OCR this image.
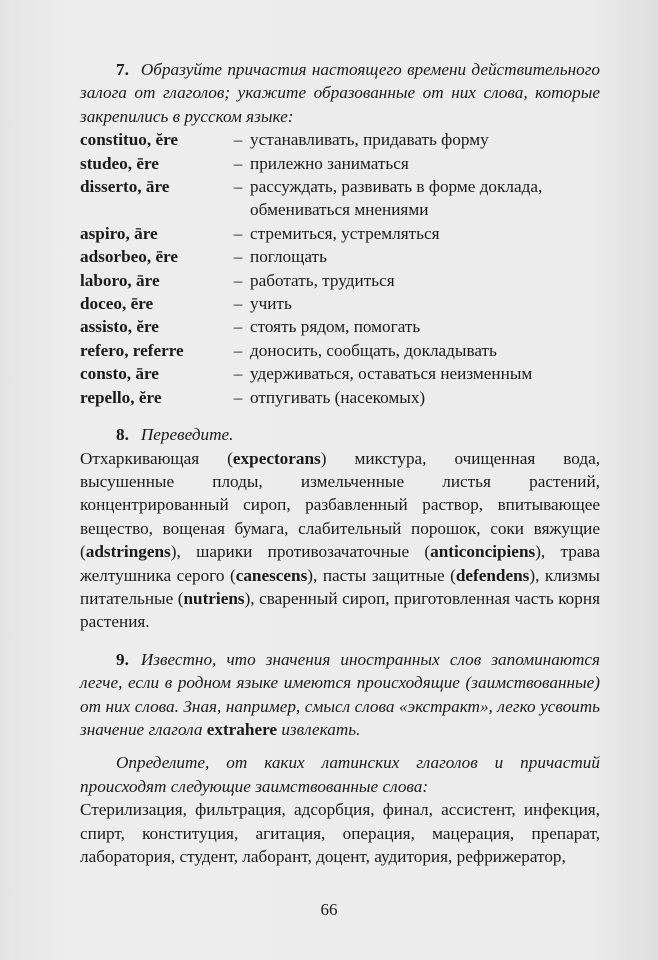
7. Образуйте причастия настоящего времени действительного залога от глаголов; укажите образованные от них слова, которые закрепились в русском языке:

constituo, ĕre	– устанавливать, придавать форму
studeo, ēre	– прилежно заниматься
disserto, āre	– рассуждать, развивать в форме доклада, обмениваться мнениями
aspiro, āre	– стремиться, устремляться
adsorbeo, ēre	– поглощать
laboro, āre	– работать, трудиться
doceo, ēre	– учить
assisto, ĕre	– стоять рядом, помогать
refero, referre	– доносить, сообщать, докладывать
consto, āre	– удерживаться, оставаться неизменным
repello, ĕre	– отпугивать (насекомых)

8. Переведите.

Отхаркивающая (expectorans) микстура, очищенная вода, высушенные плоды, измельченные листья растений, концентрированный сироп, разбавленный раствор, впитывающее вещество, вощеная бумага, слабительный порошок, соки вяжущие (adstringens), шарики противозачаточные (anticoncipiens), трава желтушника серого (canescens), пасты защитные (defendens), клизмы питательные (nutriens), сваренный сироп, приготовленная часть корня растения.

9. Известно, что значения иностранных слов запоминаются легче, если в родном языке имеются происходящие (заимствованные) от них слова. Зная, например, смысл слова «экстракт», легко усвоить значение глагола extrahere извлекать.

Определите, от каких латинских глаголов и причастий происходят следующие заимствованные слова:

Стерилизация, фильтрация, адсорбция, финал, ассистент, инфекция, спирт, конституция, агитация, операция, мацерация, препарат, лаборатория, студент, лаборант, доцент, аудитория, рефрижератор,

66
